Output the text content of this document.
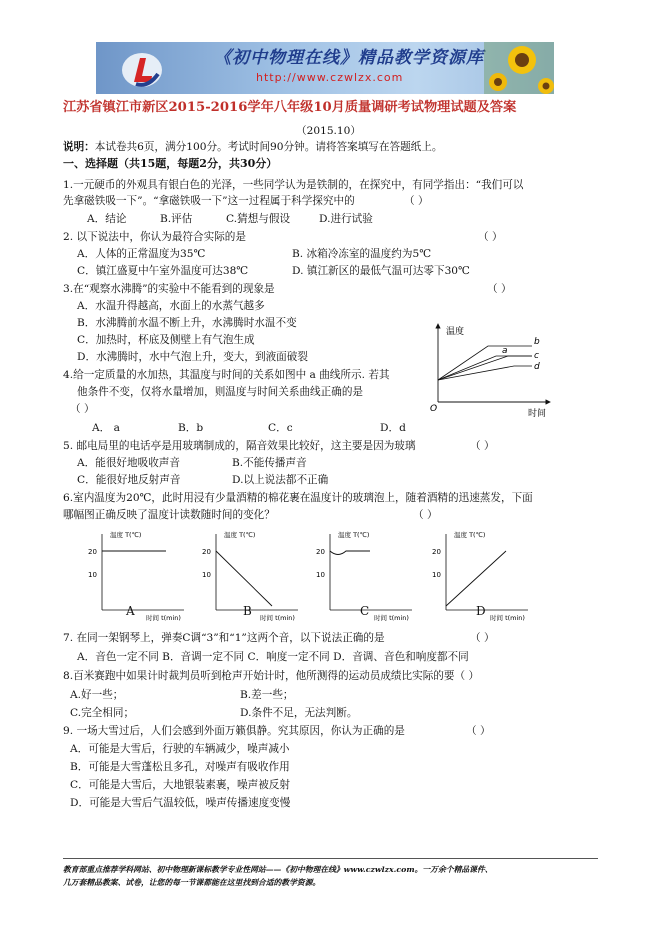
《初中物理在线》精品教学资源库
http://www.czwlzx.com
江苏省镇江市新区2015-2016学年八年级10月质量调研考试物理试题及答案
（2015.10）
说明：本试卷共6页，满分100分。考试时间90分钟。请将答案填写在答题纸上。
一、选择题（共15题，每题2分，共30分）
1.一元硬币的外观具有银白色的光泽，一些同学认为是铁制的，在探究中，有同学指出：“我们可以
先拿磁铁吸一下”。“拿磁铁吸一下”这一过程属于科学探究中的	（ ）
A．结论	B.评估	C.猜想与假设	D.进行试验
2. 以下说法中，你认为最符合实际的是	（ ）
A．人体的正常温度为35℃	B. 冰箱冷冻室的温度约为5℃
C．镇江盛夏中午室外温度可达38℃	D. 镇江新区的最低气温可达零下30℃
3.在“观察水沸腾”的实验中不能看到的现象是	（ ）
A．水温升得越高，水面上的水蒸气越多
B．水沸腾前水温不断上升，水沸腾时水温不变
C．加热时，杯底及侧壁上有气泡生成
D．水沸腾时，水中气泡上升，变大，到液面破裂
温度
时间
O
b
a	c
d
4.给一定质量的水加热，其温度与时间的关系如图中 a 曲线所示. 若其
他条件不变，仅将水量增加，则温度与时间关系曲线正确的是
（ ）
A． a	B．b	C．c	D．d
5. 邮电局里的电话亭是用玻璃制成的，隔音效果比较好，这主要是因为玻璃	（ ）
A．能很好地吸收声音	B.不能传播声音
C．能很好地反射声音	D.以上说法都不正确
6.室内温度为20℃，此时用浸有少量酒精的棉花裹在温度计的玻璃泡上，随着酒精的迅速蒸发，下面
哪幅图正确反映了温度计读数随时间的变化？	（ ）
温度 T(℃)
20
10
时间 t(min)
A
温度 T(℃)
20
10
时间 t(min)
B
温度 T(℃)
20
10
时间 t(min)
C
温度 T(℃)
20
10
时间 t(min)
D
7. 在同一架钢琴上，弹奏C调“3”和“1”这两个音，以下说法正确的是	（ ）
A．音色一定不同 B．音调一定不同 C．响度一定不同 D．音调、音色和响度都不同
8.百米赛跑中如果计时裁判员听到枪声开始计时，他所测得的运动员成绩比实际的要（ ）
A.好一些；	B.差一些；
C.完全相同；	D.条件不足，无法判断。
9. 一场大雪过后，人们会感到外面万籁俱静。究其原因，你认为正确的是	（ ）
A．可能是大雪后，行驶的车辆减少，噪声减小
B．可能是大雪蓬松且多孔，对噪声有吸收作用
C．可能是大雪后，大地银装素裹，噪声被反射
D．可能是大雪后气温较低，噪声传播速度变慢
教育部重点推荐学科网站、初中物理新课标教学专业性网站——《初中物理在线》www.czwlzx.com。一万余个精品课件、
几万套精品教案、试卷，让您的每一节课都能在这里找到合适的教学资源。
